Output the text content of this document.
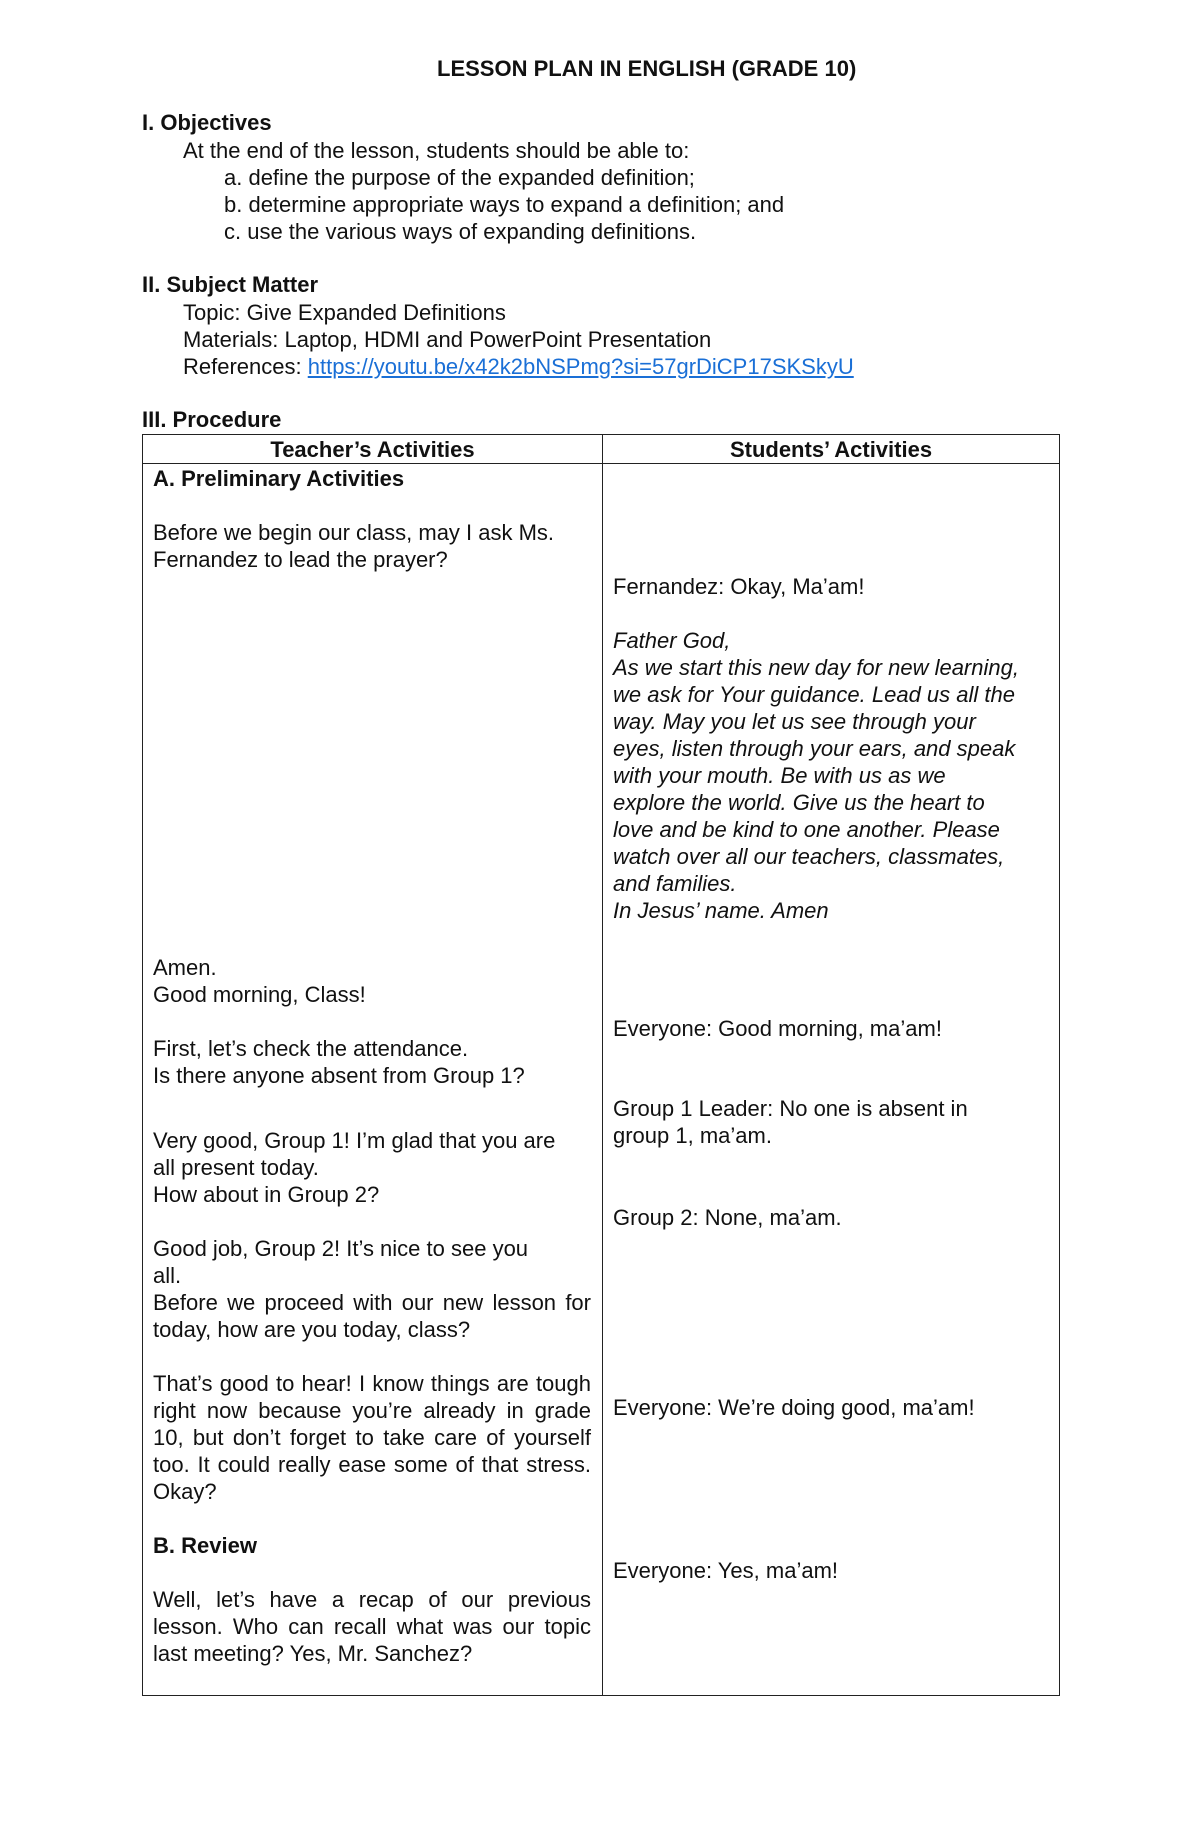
LESSON PLAN IN ENGLISH (GRADE 10)
I. Objectives
At the end of the lesson, students should be able to:
a. define the purpose of the expanded definition;
b. determine appropriate ways to expand a definition; and
c. use the various ways of expanding definitions.
II. Subject Matter
Topic: Give Expanded Definitions
Materials: Laptop, HDMI and PowerPoint Presentation
References: https://youtu.be/x42k2bNSPmg?si=57grDiCP17SKSkyU
III. Procedure
Teacher’s Activities	Students’ Activities
A. Preliminary Activities
Before we begin our class, may I ask Ms.
Fernandez to lead the prayer?
Amen.
Good morning, Class!
First, let’s check the attendance.
Is there anyone absent from Group 1?
Very good, Group 1! I’m glad that you are
all present today.
How about in Group 2?
Good job, Group 2! It’s nice to see you
all.
Before we proceed with our new lesson for today, how are you today, class?
That’s good to hear! I know things are tough right now because you’re already in grade 10, but don’t forget to take care of yourself too. It could really ease some of that stress. Okay?
B. Review
Well, let’s have a recap of our previous lesson. Who can recall what was our topic last meeting? Yes, Mr. Sanchez?
Fernandez: Okay, Ma’am!
Father God,
As we start this new day for new learning,
we ask for Your guidance. Lead us all the
way. May you let us see through your
eyes, listen through your ears, and speak
with your mouth. Be with us as we
explore the world. Give us the heart to
love and be kind to one another. Please
watch over all our teachers, classmates,
and families.
In Jesus’ name. Amen
Everyone: Good morning, ma’am!
Group 1 Leader: No one is absent in
group 1, ma’am.
Group 2: None, ma’am.
Everyone: We’re doing good, ma’am!
Everyone: Yes, ma’am!
